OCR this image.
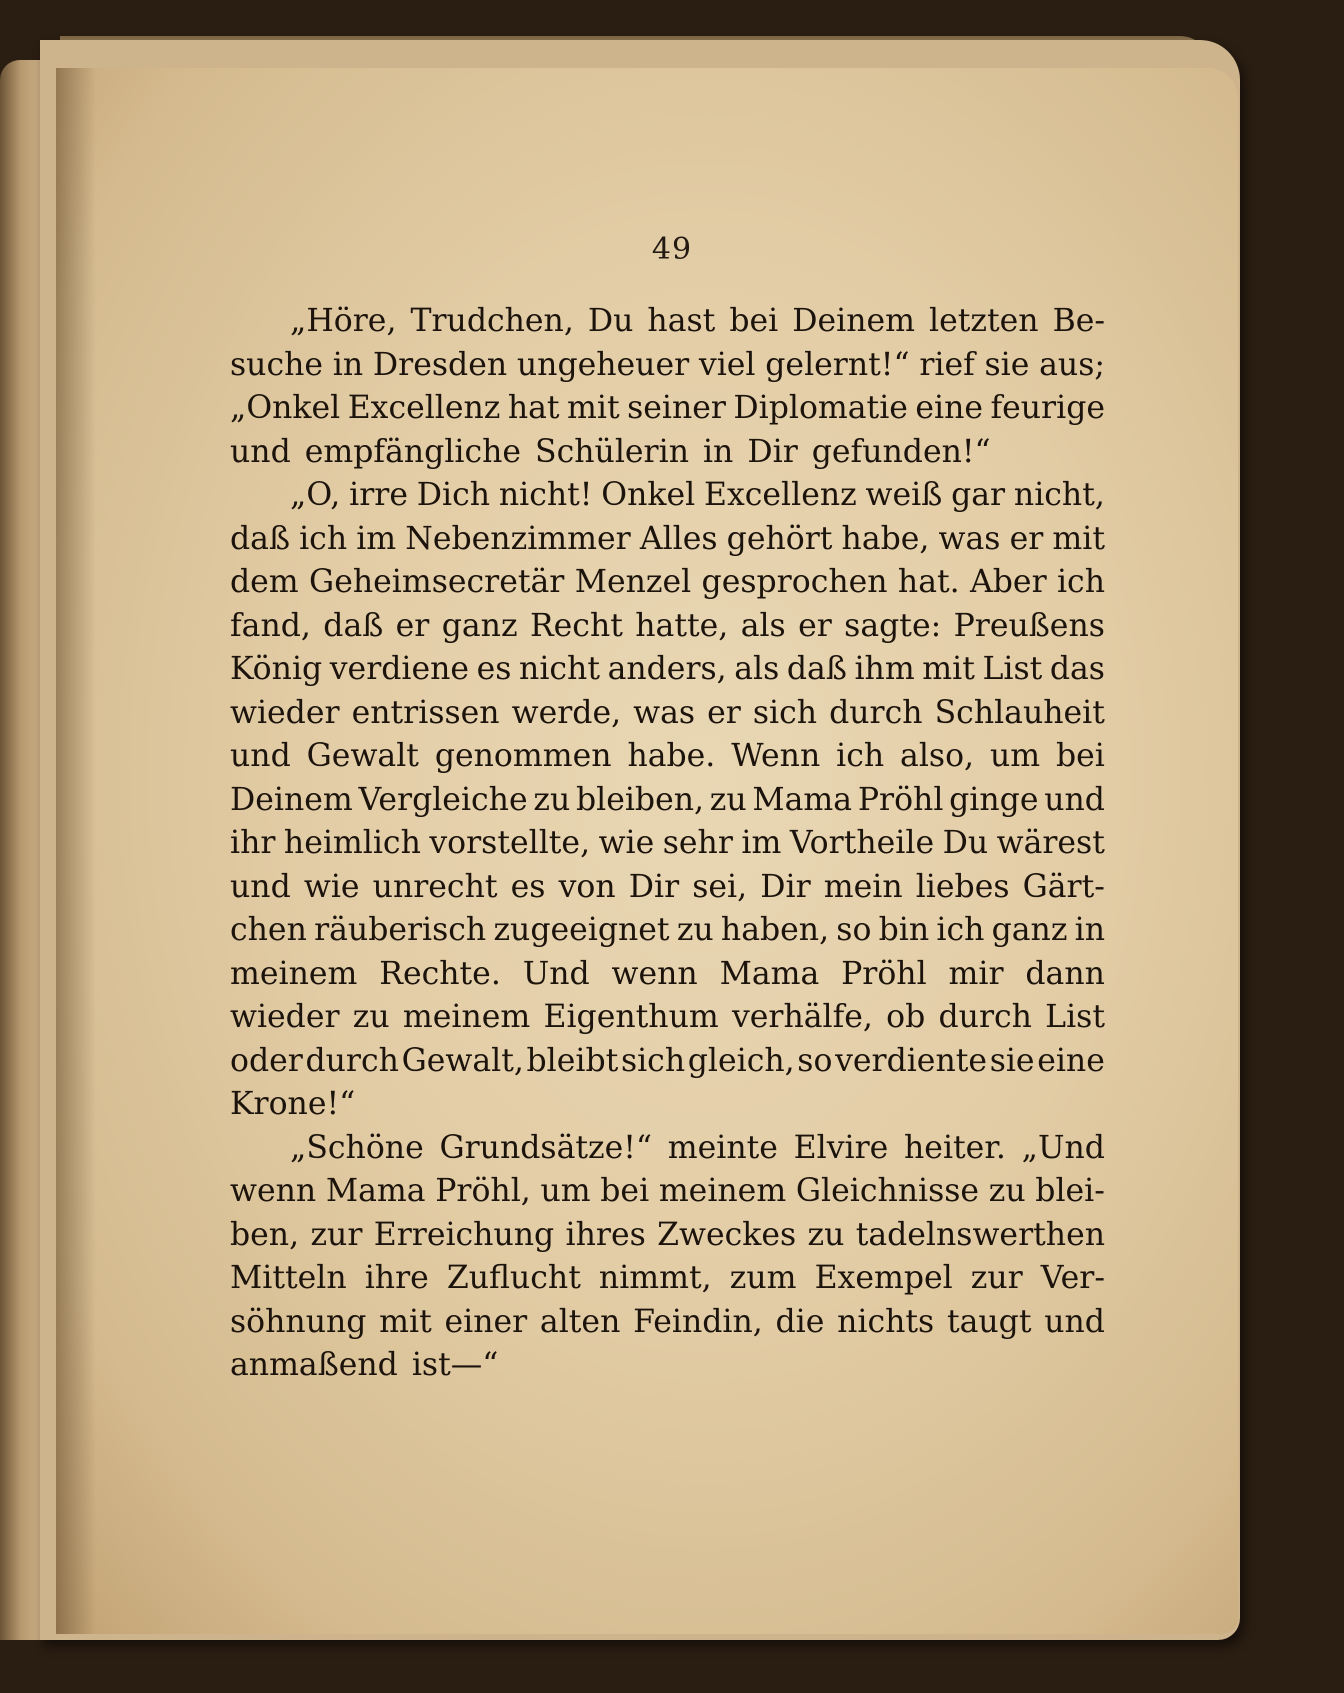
49
„Höre, Trudchen, Du hast bei Deinem letzten Be-
suche in Dresden ungeheuer viel gelernt!“ rief sie aus;
„Onkel Excellenz hat mit seiner Diplomatie eine feurige
und empfängliche Schülerin in Dir gefunden!“
„O, irre Dich nicht! Onkel Excellenz weiß gar nicht,
daß ich im Nebenzimmer Alles gehört habe, was er mit
dem Geheimsecretär Menzel gesprochen hat. Aber ich
fand, daß er ganz Recht hatte, als er sagte: Preußens
König verdiene es nicht anders, als daß ihm mit List das
wieder entrissen werde, was er sich durch Schlauheit
und Gewalt genommen habe. Wenn ich also, um bei
Deinem Vergleiche zu bleiben, zu Mama Pröhl ginge und
ihr heimlich vorstellte, wie sehr im Vortheile Du wärest
und wie unrecht es von Dir sei, Dir mein liebes Gärt-
chen räuberisch zugeeignet zu haben, so bin ich ganz in
meinem Rechte. Und wenn Mama Pröhl mir dann
wieder zu meinem Eigenthum verhälfe, ob durch List
oder durch Gewalt, bleibt sich gleich, so verdiente sie eine
Krone!“
„Schöne Grundsätze!“ meinte Elvire heiter. „Und
wenn Mama Pröhl, um bei meinem Gleichnisse zu blei-
ben, zur Erreichung ihres Zweckes zu tadelnswerthen
Mitteln ihre Zuflucht nimmt, zum Exempel zur Ver-
söhnung mit einer alten Feindin, die nichts taugt und
anmaßend ist—“
